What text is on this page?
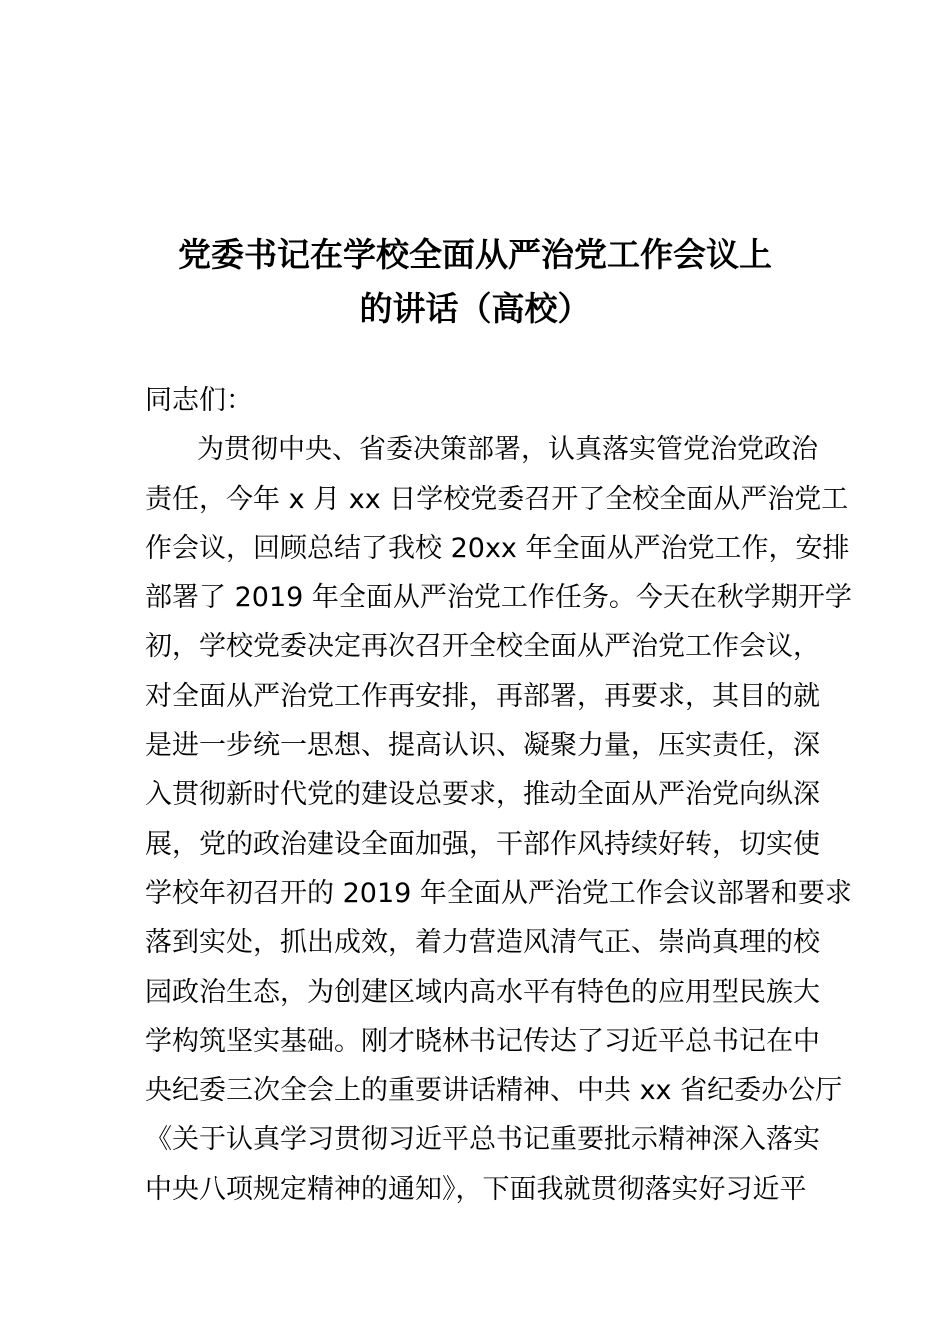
党委书记在学校全面从严治党工作会议上
的讲话（高校）
同志们：
为贯彻中央、省委决策部署，认真落实管党治党政治
责任，今年 x 月 xx 日学校党委召开了全校全面从严治党工
作会议，回顾总结了我校 20xx 年全面从严治党工作，安排
部署了 2019 年全面从严治党工作任务。今天在秋学期开学
初，学校党委决定再次召开全校全面从严治党工作会议，
对全面从严治党工作再安排，再部署，再要求，其目的就
是进一步统一思想、提高认识、凝聚力量，压实责任，深
入贯彻新时代党的建设总要求，推动全面从严治党向纵深
展，党的政治建设全面加强，干部作风持续好转，切实使
学校年初召开的 2019 年全面从严治党工作会议部署和要求
落到实处，抓出成效，着力营造风清气正、崇尚真理的校
园政治生态，为创建区域内高水平有特色的应用型民族大
学构筑坚实基础。刚才晓林书记传达了习近平总书记在中
央纪委三次全会上的重要讲话精神、中共 xx 省纪委办公厅
《关于认真学习贯彻习近平总书记重要批示精神深入落实
中央八项规定精神的通知》，下面我就贯彻落实好习近平
